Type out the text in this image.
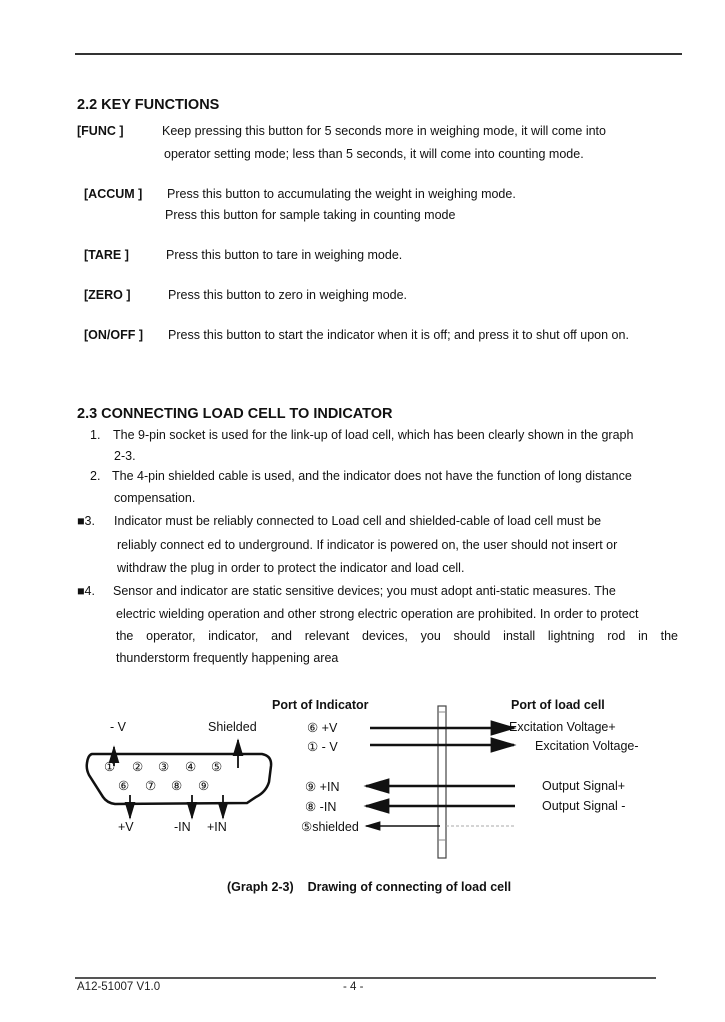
2.2 KEY FUNCTIONS
[FUNC ]	Keep pressing this button for 5 seconds more in weighing mode, it will come into
operator setting mode; less than 5 seconds, it will come into counting mode.
[ACCUM ] Press this button to accumulating the weight in weighing mode.
Press this button for sample taking in counting mode
[TARE ]	Press this button to tare in weighing mode.
[ZERO ]	Press this button to zero in weighing mode.
[ON/OFF ] Press this button to start the indicator when it is off; and press it to shut off upon on.
2.3 CONNECTING LOAD CELL TO INDICATOR
1. The 9-pin socket is used for the link-up of load cell, which has been clearly shown in the graph
2-3.
2. The 4-pin shielded cable is used, and the indicator does not have the function of long distance
compensation.
■3. Indicator must be reliably connected to Load cell and shielded-cable of load cell must be
reliably connect ed to underground. If indicator is powered on, the user should not insert or
withdraw the plug in order to protect the indicator and load cell.
■4. Sensor and indicator are static sensitive devices; you must adopt anti-static measures. The
electric wielding operation and other strong electric operation are prohibited. In order to protect
the operator, indicator, and relevant devices, you should install lightning rod in the
thunderstorm frequently happening area
- V	Shielded
① ② ③ ④ ⑤
⑥ ⑦ ⑧ ⑨
+V	-IN +IN
Port of Indicator	Port of load cell
⑥ +V
① - V
⑨ +IN
⑧ -IN
⑤shielded
Excitation Voltage+
Excitation Voltage-
Output Signal+
Output Signal -
(Graph 2-3)    Drawing of connecting of load cell
A12-51007 V1.0	- 4 -
